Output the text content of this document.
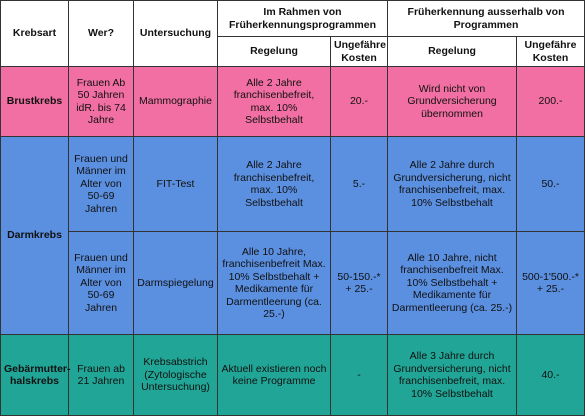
Krebsart	Wer?	Untersuchung	Im Rahmen von Früherkennungsprogrammen		Früherkennung ausserhalb von Programmen	
			Regelung	Ungefähre Kosten	Regelung	Ungefähre Kosten
Brustkrebs	Frauen Ab 50 Jahren idR. bis 74 Jahre	Mammographie	Alle 2 Jahre franchisenbefreit, max. 10% Selbstbehalt	20.-	Wird nicht von Grundversicherung übernommen	200.-
Darmkrebs	Frauen und Männer im Alter von 50-69 Jahren	FIT-Test	Alle 2 Jahre franchisenbefreit, max. 10% Selbstbehalt	5.-	Alle 2 Jahre durch Grundversicherung, nicht franchisenbefreit, max. 10% Selbstbehalt	50.-
	Frauen und Männer im Alter von 50-69 Jahren	Darmspiegelung	Alle 10 Jahre, franchisenbefreit Max. 10% Selbstbehalt + Medikamente für Darmentleerung (ca. 25.-)	50-150.-* + 25.-	Alle 10 Jahre, nicht franchisenbefreit Max. 10% Selbstbehalt + Medikamente für Darmentleerung (ca. 25.-)	500-1'500.-* + 25.-
Gebärmutter-halskrebs	Frauen ab 21 Jahren	Krebsabstrich (Zytologische Untersuchung)	Aktuell existieren noch keine Programme	-	Alle 3 Jahre durch Grundversicherung, nicht franchisenbefreit, max. 10% Selbstbehalt	40.-
